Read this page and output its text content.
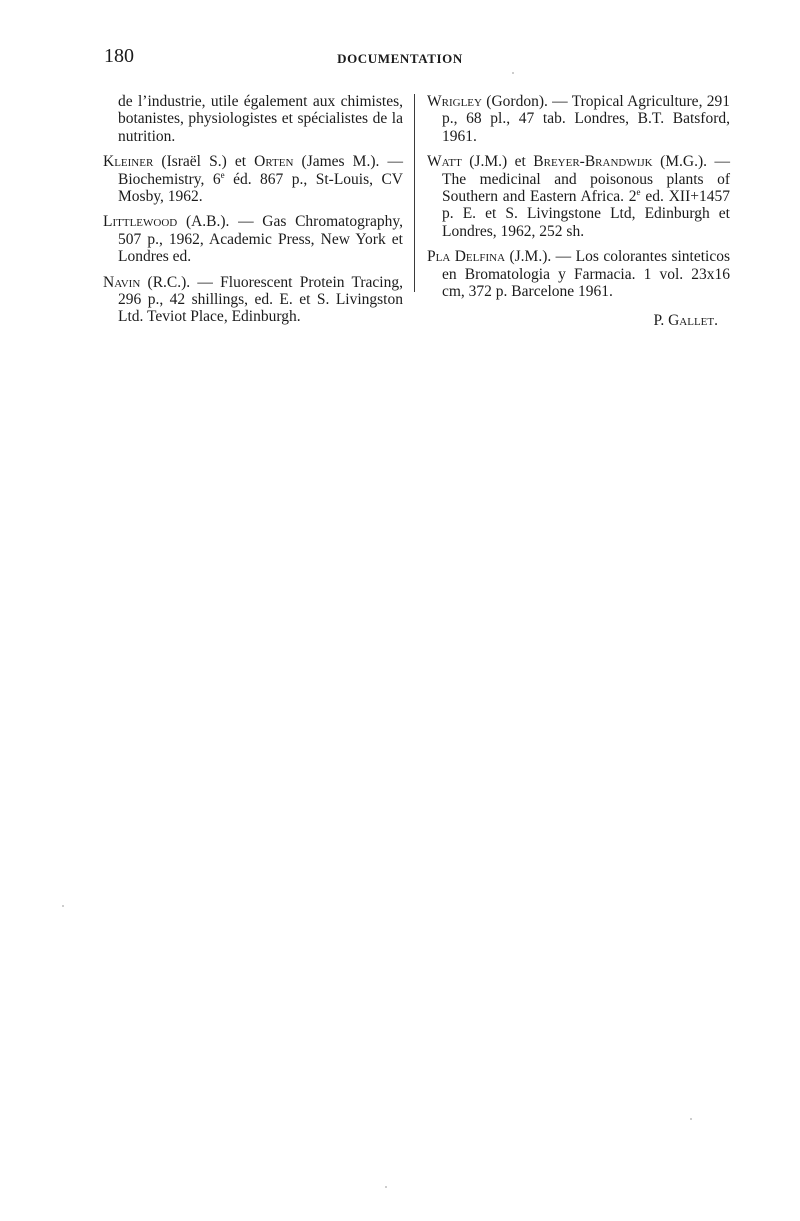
180	DOCUMENTATION

de l’industrie, utile également aux chimistes, botanistes, physiologistes et spécialistes de la nutrition.

Kleiner (Israël S.) et Orten (James M.). — Biochemistry, 6e éd. 867 p., St-Louis, CV Mosby, 1962.

Littlewood (A.B.). — Gas Chromatography, 507 p., 1962, Academic Press, New York et Londres ed.

Navin (R.C.). — Fluorescent Protein Tracing, 296 p., 42 shillings, ed. E. et S. Livingston Ltd. Teviot Place, Edinburgh.

Wrigley (Gordon). — Tropical Agriculture, 291 p., 68 pl., 47 tab. Londres, B.T. Batsford, 1961.

Watt (J.M.) et Breyer-Brandwijk (M.G.). — The medicinal and poisonous plants of Southern and Eastern Africa. 2e ed. XII+1457 p. E. et S. Livingstone Ltd, Edinburgh et Londres, 1962, 252 sh.

Pla Delfina (J.M.). — Los colorantes sinteticos en Bromatologia y Farmacia. 1 vol. 23x16 cm, 372 p. Barcelone 1961.

P. Gallet.
